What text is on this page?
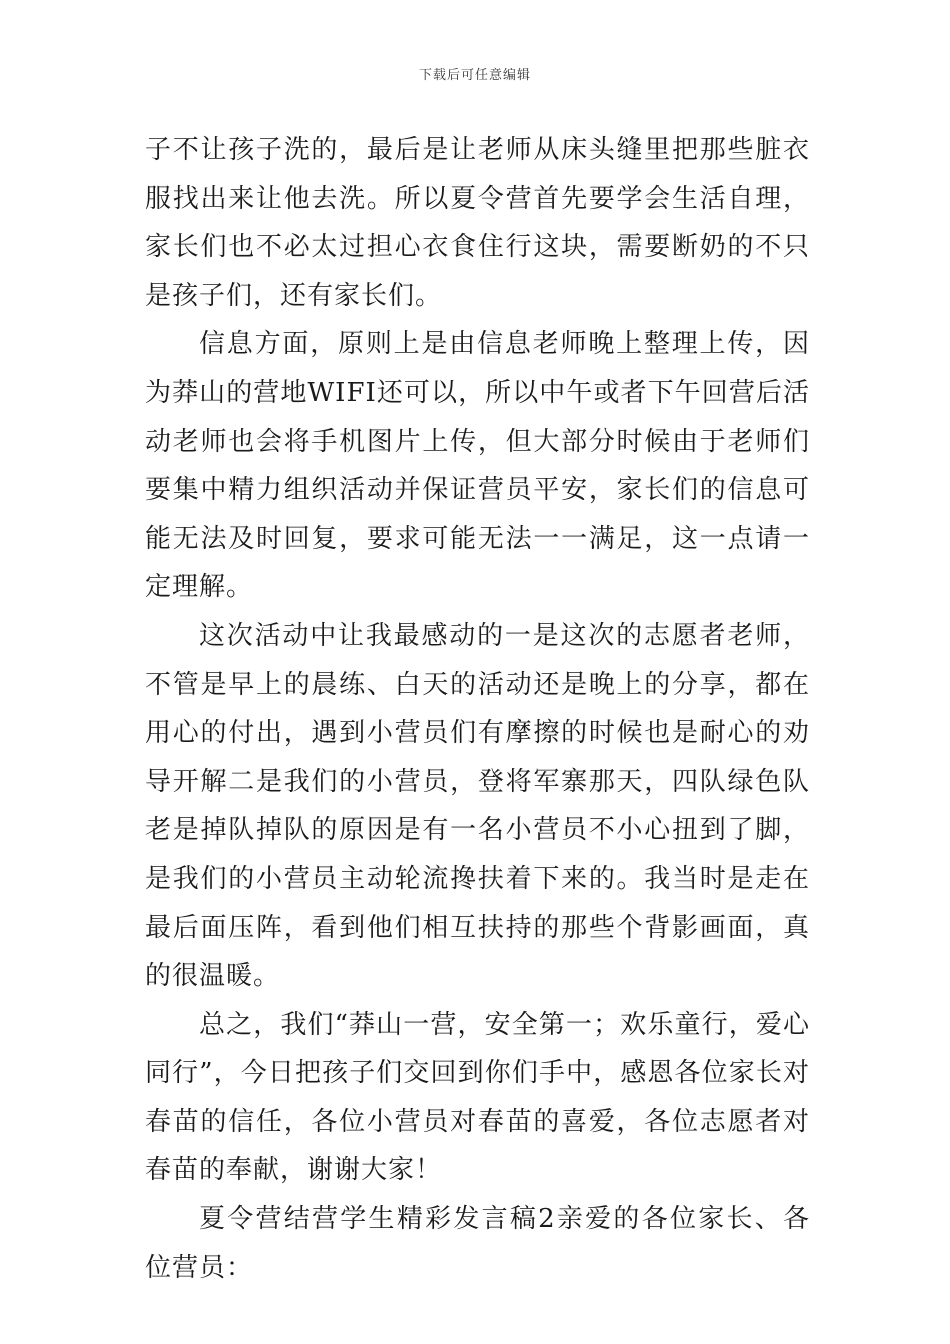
下载后可任意编辑

子不让孩子洗的，最后是让老师从床头缝里把那些脏衣服找出来让他去洗。所以夏令营首先要学会生活自理，家长们也不必太过担心衣食住行这块，需要断奶的不只是孩子们，还有家长们。

信息方面，原则上是由信息老师晚上整理上传，因为莽山的营地WIFI还可以，所以中午或者下午回营后活动老师也会将手机图片上传，但大部分时候由于老师们要集中精力组织活动并保证营员平安，家长们的信息可能无法及时回复，要求可能无法一一满足，这一点请一定理解。

这次活动中让我最感动的一是这次的志愿者老师，不管是早上的晨练、白天的活动还是晚上的分享，都在用心的付出，遇到小营员们有摩擦的时候也是耐心的劝导开解二是我们的小营员，登将军寨那天，四队绿色队老是掉队掉队的原因是有一名小营员不小心扭到了脚，是我们的小营员主动轮流搀扶着下来的。我当时是走在最后面压阵，看到他们相互扶持的那些个背影画面，真的很温暖。

总之，我们“莽山一营，安全第一；欢乐童行，爱心同行”，今日把孩子们交回到你们手中，感恩各位家长对春苗的信任，各位小营员对春苗的喜爱，各位志愿者对春苗的奉献，谢谢大家！

夏令营结营学生精彩发言稿2亲爱的各位家长、各位营员：
